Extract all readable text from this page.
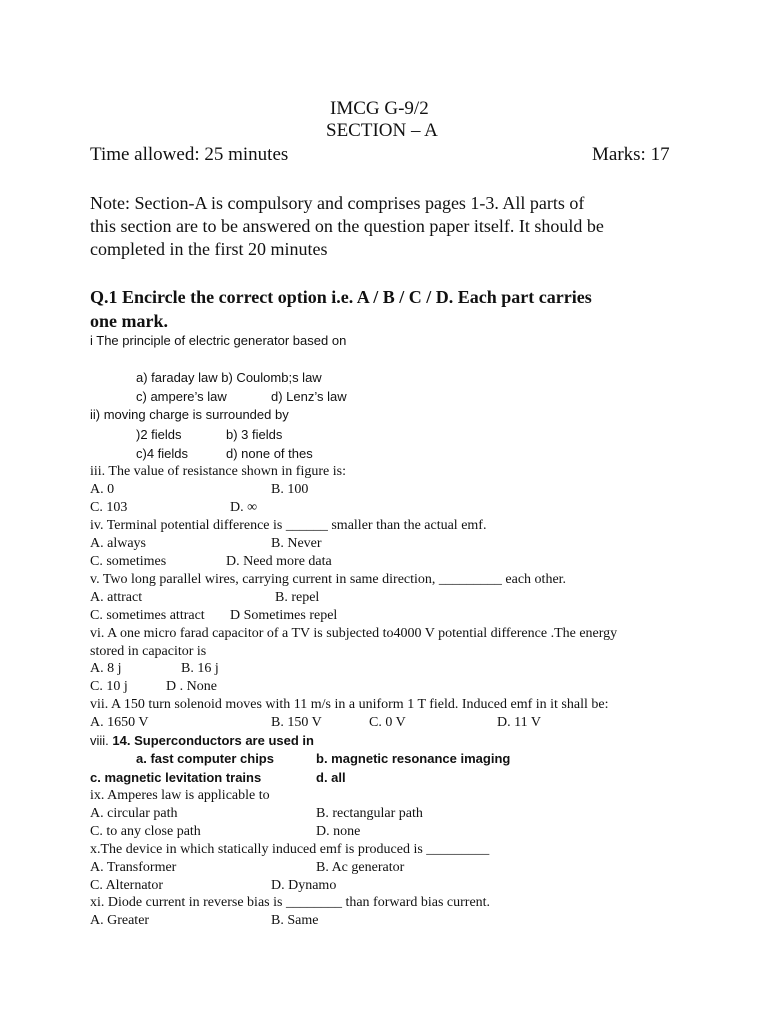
IMCG G-9/2
SECTION – A
Time allowed: 25 minutes	Marks: 17
Note: Section-A is compulsory and comprises pages 1-3. All parts of
this section are to be answered on the question paper itself. It should be
completed in the first 20 minutes
Q.1 Encircle the correct option i.e. A / B / C / D. Each part carries
one mark.
i The principle of electric generator based on
a) faraday law b) Coulomb;s law
c) ampere’s law	d) Lenz’s law
ii) moving charge is surrounded by
)2 fields	b) 3 fields
c)4 fields	d) none of thes
iii. The value of resistance shown in figure is:
A. 0	B. 100
C. 103	D. ∞
iv. Terminal potential difference is ______ smaller than the actual emf.
A. always	B. Never
C. sometimes	D. Need more data
v. Two long parallel wires, carrying current in same direction, _________ each other.
A. attract	B. repel
C. sometimes attract D Sometimes repel
vi. A one micro farad capacitor of a TV is subjected to4000 V potential difference .The energy
stored in capacitor is
A. 8 j	B. 16 j
C. 10 j	D . None
vii. A 150 turn solenoid moves with 11 m/s in a uniform 1 T field. Induced emf in it shall be:
A. 1650 V	B. 150 V	C. 0 V	D. 11 V
viii. 14. Superconductors are used in
a. fast computer chips	b. magnetic resonance imaging
c. magnetic levitation trains	d. all
ix. Amperes law is applicable to
A. circular path	B. rectangular path
C. to any close path	D. none
x.The device in which statically induced emf is produced is _________
A. Transformer	B. Ac generator
C. Alternator	D. Dynamo
xi. Diode current in reverse bias is ________ than forward bias current.
A. Greater	B. Same
